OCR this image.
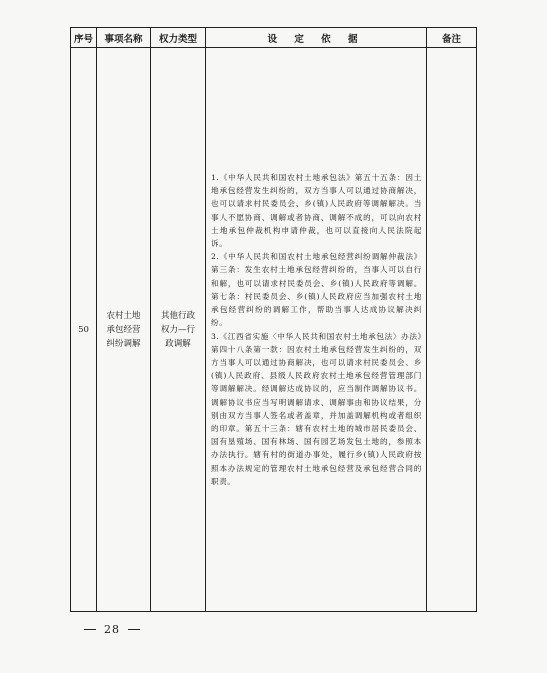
序号	事项名称	权力类型	设 定 依 据	备注
50	农村土地承包经营纠纷调解	其他行政权力—行政调解	1.《中华人民共和国农村土地承包法》第五十五条：因土地承包经营发生纠纷的，双方当事人可以通过协商解决，也可以请求村民委员会、乡(镇)人民政府等调解解决。当事人不愿协商、调解或者协商、调解不成的，可以向农村土地承包仲裁机构申请仲裁，也可以直接向人民法院起诉。
2.《中华人民共和国农村土地承包经营纠纷调解仲裁法》第三条：发生农村土地承包经营纠纷的，当事人可以自行和解，也可以请求村民委员会、乡(镇)人民政府等调解。第七条：村民委员会、乡(镇)人民政府应当加强农村土地承包经营纠纷的调解工作，帮助当事人达成协议解决纠纷。
3.《江西省实施〈中华人民共和国农村土地承包法〉办法》第四十八条第一款：因农村土地承包经营发生纠纷的，双方当事人可以通过协商解决，也可以请求村民委员会、乡(镇)人民政府、县级人民政府农村土地承包经营管理部门等调解解决。经调解达成协议的，应当制作调解协议书。调解协议书应当写明调解请求、调解事由和协议结果，分别由双方当事人签名或者盖章，并加盖调解机构或者组织的印章。第五十三条：辖有农村土地的城市居民委员会、国有垦殖场、国有林场、国有园艺场发包土地的，参照本办法执行。辖有村的街道办事处，履行乡(镇)人民政府按照本办法规定的管理农村土地承包经营及承包经营合同的职责。	

28
